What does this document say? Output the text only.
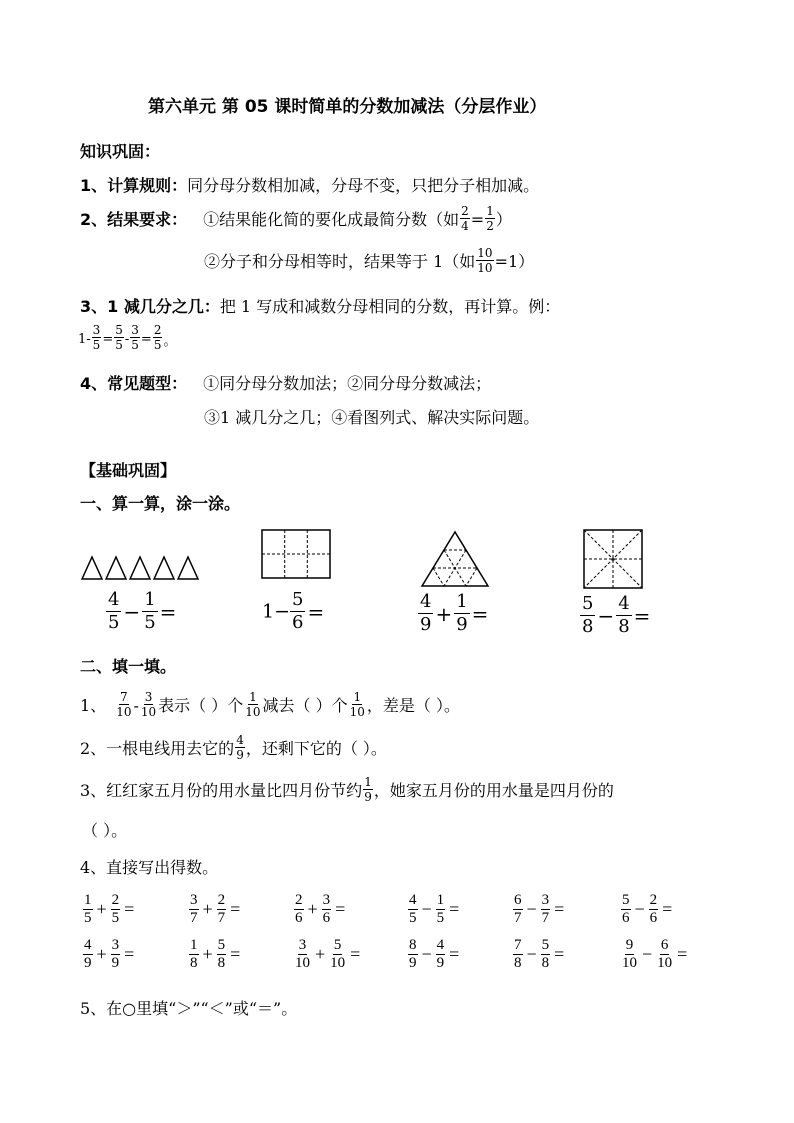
第六单元 第 05 课时简单的分数加减法（分层作业）
知识巩固：
1、计算规则：同分母分数相加减，分母不变，只把分子相加减。
2、结果要求： ①结果能化简的要化成最简分数（如 $\frac{2}{4} = \frac{1}{2}$ ）
②分子和分母相等时，结果等于 1（如 $\frac{10}{10} =1$）
3、1 减几分之几：把 1 写成和减数分母相同的分数，再计算。例：
$1- \frac{3}{5} = \frac{5}{5} - \frac{3}{5} = \frac{2}{5}$ 。
4、常见题型： ①同分母分数加法；②同分母分数减法；
③1 减几分之几；④看图列式、解决实际问题。
【基础巩固】
一、算一算，涂一涂。
$\frac{4}{5} - \frac{1}{5}$ =	$1- \frac{5}{6}$ =	$\frac{4}{9} + \frac{1}{9}$ =	$\frac{5}{8} - \frac{4}{8}$ =
二、填一填。
1、 $\frac{7}{10} - \frac{3}{10}$ 表示（ ）个 $\frac{1}{10}$ 减去（ ）个 $\frac{1}{10}$ ，差是（ ）。
2、一根电线用去它的 $\frac{4}{9}$ ，还剩下它的（ ）。
3、红红家五月份的用水量比四月份节约 $\frac{1}{9}$ ，她家五月份的用水量是四月份的
（ ）。
4、直接写出得数。
$\frac{1}{5} + \frac{2}{5}$ =	$\frac{3}{7} + \frac{2}{7}$ =	$\frac{2}{6} + \frac{3}{6}$ =	$\frac{4}{5} - \frac{1}{5}$ =	$\frac{6}{7} - \frac{3}{7}$ =	$\frac{5}{6} - \frac{2}{6}$ =
$\frac{4}{9} + \frac{3}{9}$ =	$\frac{1}{8} + \frac{5}{8}$ =	$\frac{3}{10} + \frac{5}{10}$ =	$\frac{8}{9} - \frac{4}{9}$ =	$\frac{7}{8} - \frac{5}{8}$ =	$\frac{9}{10} - \frac{6}{10}$ =
5、在○里填“＞”“＜”或“＝”。
